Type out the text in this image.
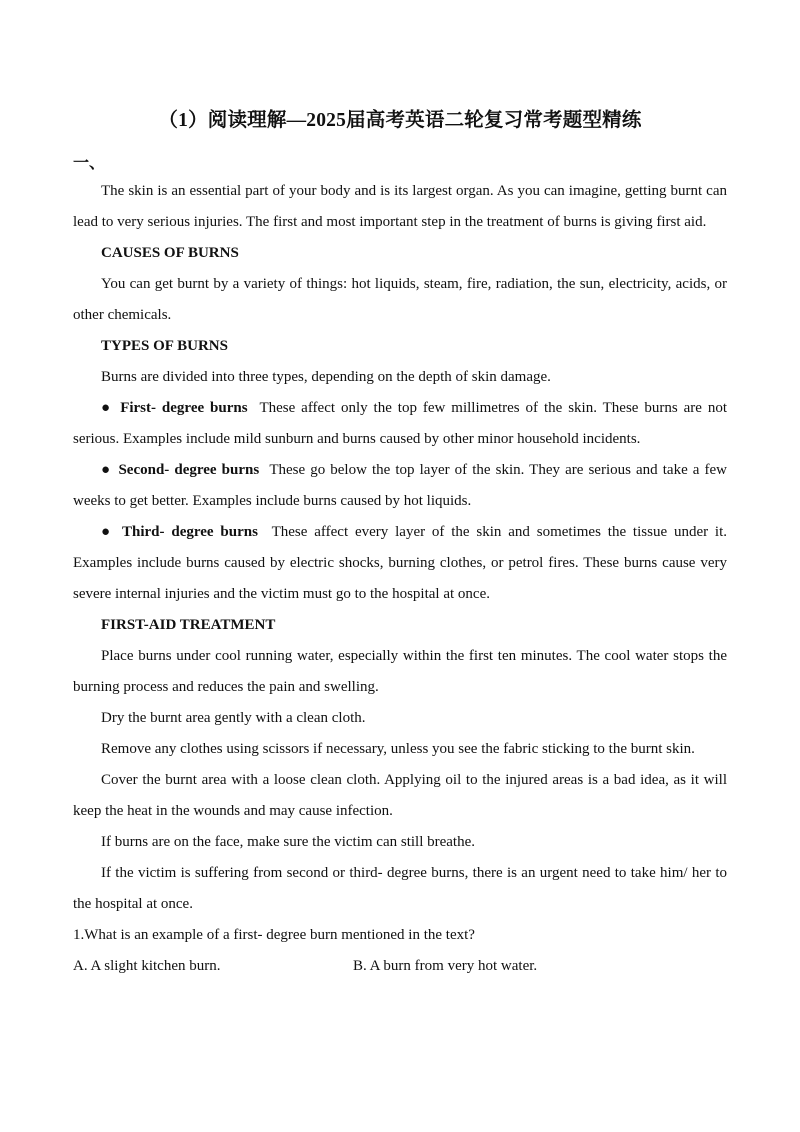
（1）阅读理解—2025届高考英语二轮复习常考题型精练
一、

The skin is an essential part of your body and is its largest organ. As you can imagine, getting burnt can lead to very serious injuries. The first and most important step in the treatment of burns is giving first aid.

CAUSES OF BURNS

You can get burnt by a variety of things: hot liquids, steam, fire, radiation, the sun, electricity, acids, or other chemicals.

TYPES OF BURNS

Burns are divided into three types, depending on the depth of skin damage.

● First- degree burns These affect only the top few millimetres of the skin. These burns are not serious. Examples include mild sunburn and burns caused by other minor household incidents.

● Second- degree burns These go below the top layer of the skin. They are serious and take a few weeks to get better. Examples include burns caused by hot liquids.

● Third- degree burns These affect every layer of the skin and sometimes the tissue under it. Examples include burns caused by electric shocks, burning clothes, or petrol fires. These burns cause very severe internal injuries and the victim must go to the hospital at once.

FIRST-AID TREATMENT

Place burns under cool running water, especially within the first ten minutes. The cool water stops the burning process and reduces the pain and swelling.

Dry the burnt area gently with a clean cloth.

Remove any clothes using scissors if necessary, unless you see the fabric sticking to the burnt skin.

Cover the burnt area with a loose clean cloth. Applying oil to the injured areas is a bad idea, as it will keep the heat in the wounds and may cause infection.

If burns are on the face, make sure the victim can still breathe.

If the victim is suffering from second or third- degree burns, there is an urgent need to take him/ her to the hospital at once.

1.What is an example of a first- degree burn mentioned in the text?

A. A slight kitchen burn.	B. A burn from very hot water.
